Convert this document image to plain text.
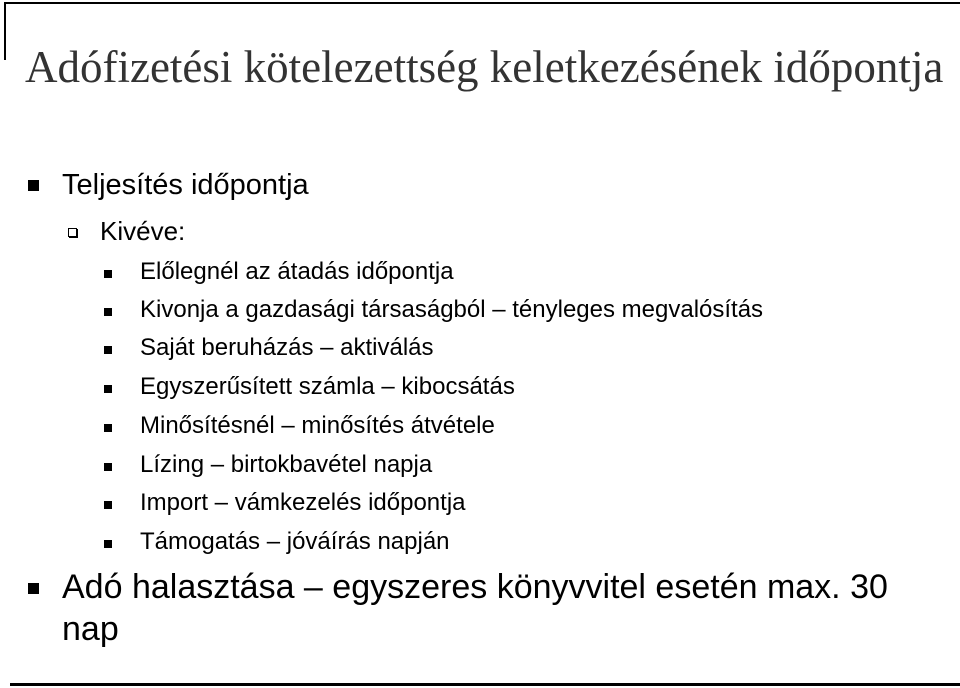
Adófizetési kötelezettség keletkezésének időpontja
Teljesítés időpontja
Kivéve:
Előlegnél az átadás időpontja
Kivonja a gazdasági társaságból – tényleges megvalósítás
Saját beruházás – aktiválás
Egyszerűsített számla – kibocsátás
Minősítésnél – minősítés átvétele
Lízing – birtokbavétel napja
Import – vámkezelés időpontja
Támogatás – jóváírás napján
Adó halasztása – egyszeres könyvvitel esetén max. 30 nap
